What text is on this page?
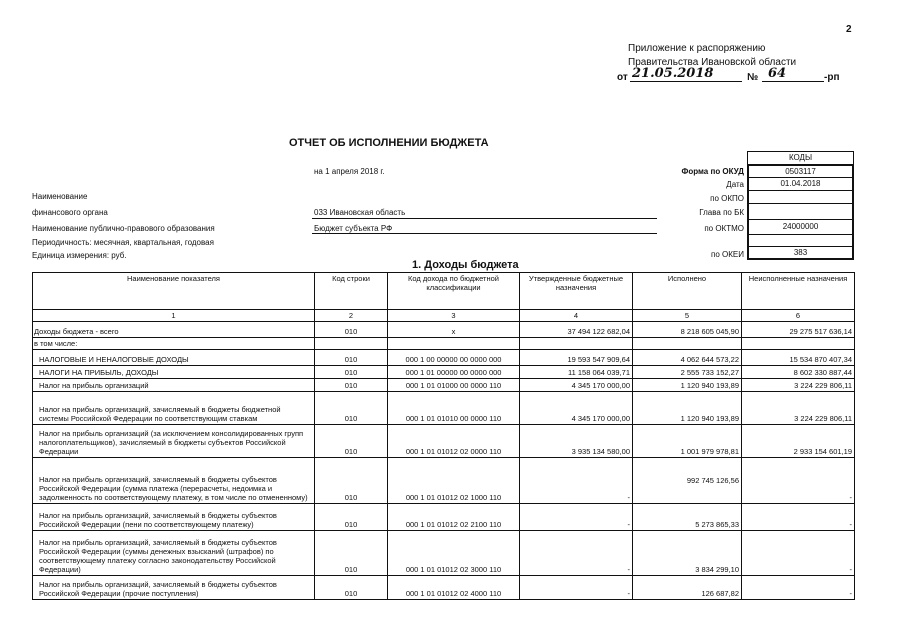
2
Приложение к распоряжению
Правительства Ивановской области
от 21.05.2018	№ 64	-рп
ОТЧЕТ ОБ ИСПОЛНЕНИИ БЮДЖЕТА
на 1 апреля 2018 г.
КОДЫ
Форма по ОКУД	0503117
Дата	01.04.2018
по ОКПО
Глава по БК
по ОКТМО	24000000
по ОКЕИ	383
Наименование
финансового органа	033 Ивановская область
Наименование публично-правового образования	Бюджет субъекта РФ
Периодичность: месячная, квартальная, годовая
Единица измерения: руб.
1. Доходы бюджета
Наименование показателя	Код строки	Код дохода по бюджетной классификации	Утвержденные бюджетные назначения	Исполнено	Неисполненные назначения
1	2	3	4	5	6
Доходы бюджета - всего	010	x	37 494 122 682,04	8 218 605 045,90	29 275 517 636,14
в том числе:					
НАЛОГОВЫЕ И НЕНАЛОГОВЫЕ ДОХОДЫ	010	000 1 00 00000 00 0000 000	19 593 547 909,64	4 062 644 573,22	15 534 870 407,34
НАЛОГИ НА ПРИБЫЛЬ, ДОХОДЫ	010	000 1 01 00000 00 0000 000	11 158 064 039,71	2 555 733 152,27	8 602 330 887,44
Налог на прибыль организаций	010	000 1 01 01000 00 0000 110	4 345 170 000,00	1 120 940 193,89	3 224 229 806,11
Налог на прибыль организаций, зачисляемый в бюджеты бюджетной системы Российской Федерации по соответствующим ставкам	010	000 1 01 01010 00 0000 110	4 345 170 000,00	1 120 940 193,89	3 224 229 806,11
Налог на прибыль организаций (за исключением консолидированных групп налогоплательщиков), зачисляемый в бюджеты субъектов Российской Федерации	010	000 1 01 01012 02 0000 110	3 935 134 580,00	1 001 979 978,81	2 933 154 601,19
Налог на прибыль организаций, зачисляемый в бюджеты субъектов Российской Федерации (сумма платежа (перерасчеты, недоимка и задолженность по соответствующему платежу, в том числе по отмененному)	010	000 1 01 01012 02 1000 110	-	992 745 126,56	-
Налог на прибыль организаций, зачисляемый в бюджеты субъектов Российской Федерации (пени по соответствующему платежу)	010	000 1 01 01012 02 2100 110	-	5 273 865,33	-
Налог на прибыль организаций, зачисляемый в бюджеты субъектов Российской Федерации (суммы денежных взысканий (штрафов) по соответствующему платежу согласно законодательству Российской Федерации)	010	000 1 01 01012 02 3000 110	-	3 834 299,10	-
Налог на прибыль организаций, зачисляемый в бюджеты субъектов Российской Федерации (прочие поступления)	010	000 1 01 01012 02 4000 110	-	126 687,82	-
